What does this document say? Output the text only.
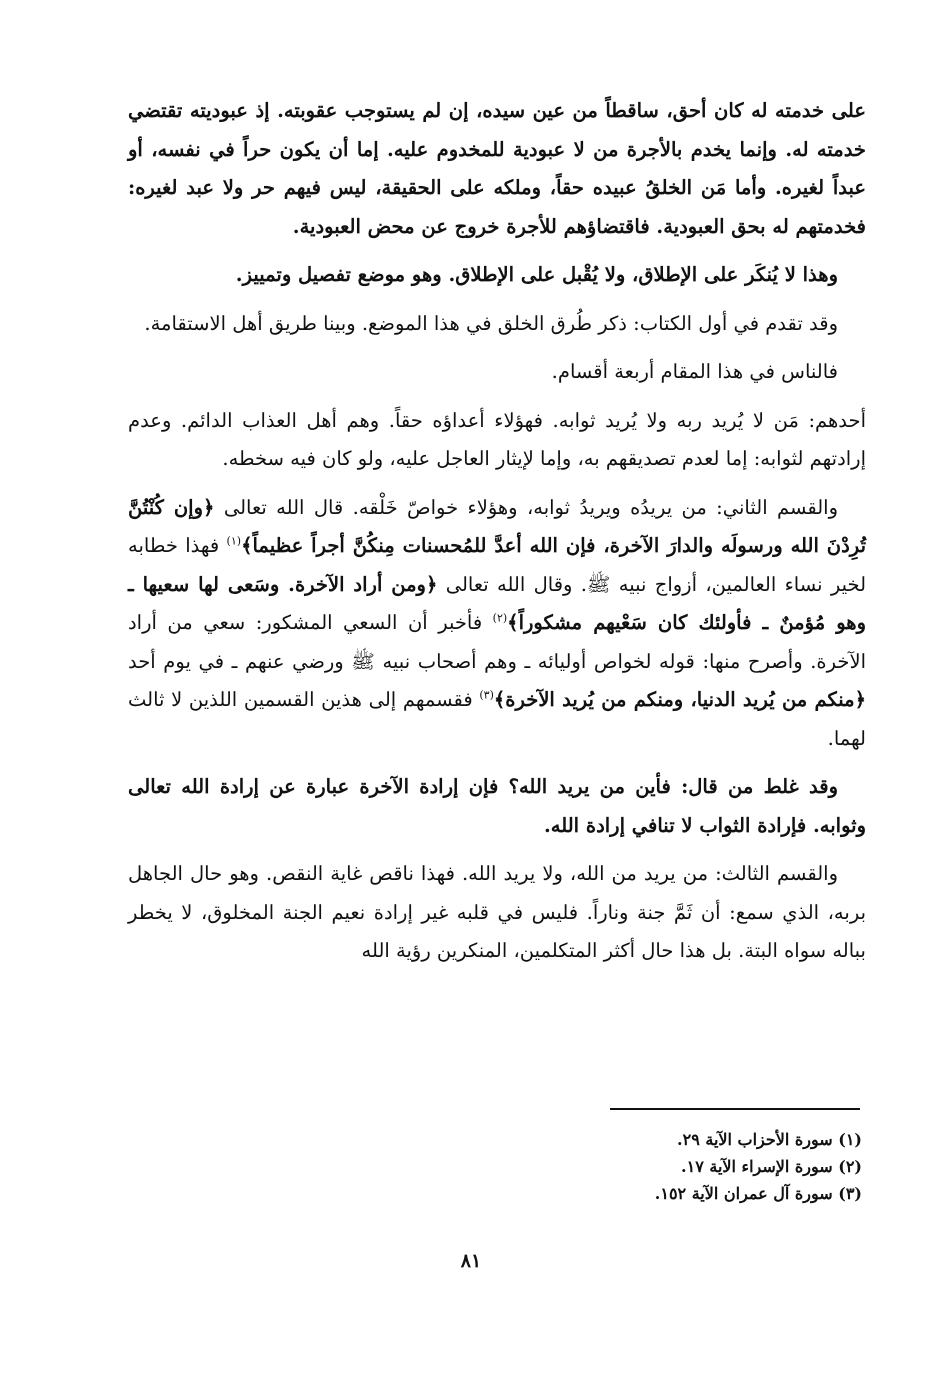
على خدمته له كان أحق، ساقطاً من عين سيده، إن لم يستوجب عقوبته. إذ عبوديته تقتضي خدمته له. وإنما يخدم بالأجرة من لا عبودية للمخدوم عليه. إما أن يكون حراً في نفسه، أو عبداً لغيره. وأما مَن الخلقُ عبيده حقاً، وملكه على الحقيقة، ليس فيهم حر ولا عبد لغيره: فخدمتهم له بحق العبودية. فاقتضاؤهم للأجرة خروج عن محض العبودية.

وهذا لا يُنكَر على الإطلاق، ولا يُقْبل على الإطلاق. وهو موضع تفصيل وتمييز.

وقد تقدم في أول الكتاب: ذكر طُرق الخلق في هذا الموضع. وبينا طريق أهل الاستقامة.

فالناس في هذا المقام أربعة أقسام.

أحدهم: مَن لا يُريد ربه ولا يُريد ثوابه. فهؤلاء أعداؤه حقاً. وهم أهل العذاب الدائم. وعدم إرادتهم لثوابه: إما لعدم تصديقهم به، وإما لإيثار العاجل عليه، ولو كان فيه سخطه.

والقسم الثاني: من يريدُه ويريدُ ثوابه، وهؤلاء خواصّ خَلْقه. قال الله تعالى ﴿وإن كُنْتُنَّ تُرِدْنَ الله ورسولَه والدارَ الآخرة، فإن الله أعدَّ للمُحسنات مِنكُنَّ أجراً عظيماً﴾$^{(١)}$ فهذا خطابه لخير نساء العالمين، أزواج نبيه ﷺ. وقال الله تعالى ﴿ومن أراد الآخرة. وسَعى لها سعيها ـ وهو مُؤمنٌ ـ فأولئك كان سَعْيهم مشكوراً﴾$^{(٢)}$ فأخبر أن السعي المشكور: سعي من أراد الآخرة. وأصرح منها: قوله لخواص أوليائه ـ وهم أصحاب نبيه ﷺ ورضي عنهم ـ في يوم أحد ﴿منكم من يُريد الدنيا، ومنكم من يُريد الآخرة﴾$^{(٣)}$ فقسمهم إلى هذين القسمين اللذين لا ثالث لهما.

وقد غلط من قال: فأين من يريد الله؟ فإن إرادة الآخرة عبارة عن إرادة الله تعالى وثوابه. فإرادة الثواب لا تنافي إرادة الله.

والقسم الثالث: من يريد من الله، ولا يريد الله. فهذا ناقص غاية النقص. وهو حال الجاهل بربه، الذي سمع: أن ثَمَّ جنة وناراً. فليس في قلبه غير إرادة نعيم الجنة المخلوق، لا يخطر بباله سواه البتة. بل هذا حال أكثر المتكلمين، المنكرين رؤية الله

(١) سورة الأحزاب الآية ٢٩.
(٢) سورة الإسراء الآية ١٧.
(٣) سورة آل عمران الآية ١٥٢.
٨١
